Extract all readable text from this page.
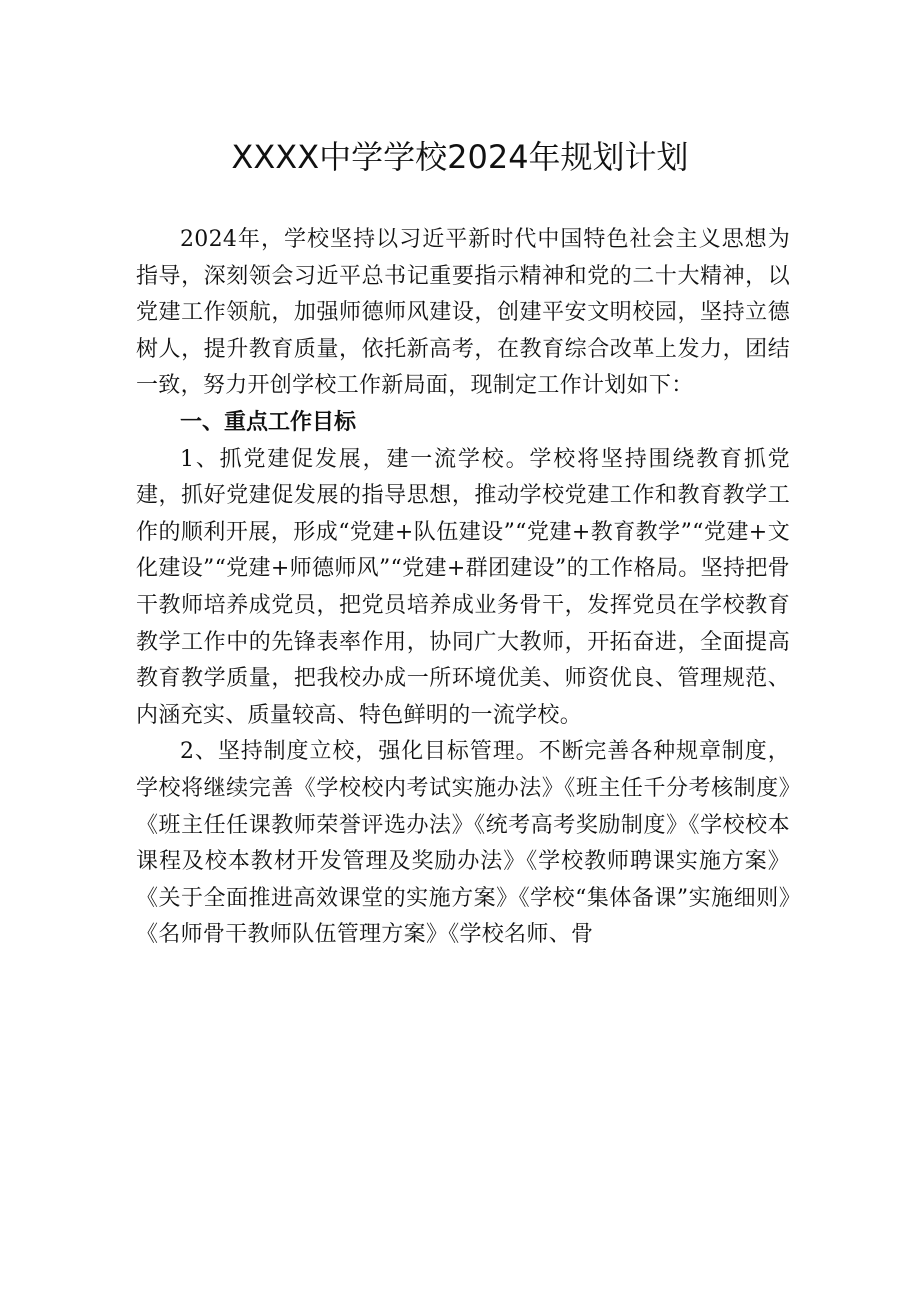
XXXX中学学校2024年规划计划

2024年，学校坚持以习近平新时代中国特色社会主义思想为指导，深刻领会习近平总书记重要指示精神和党的二十大精神，以党建工作领航，加强师德师风建设，创建平安文明校园，坚持立德树人，提升教育质量，依托新高考，在教育综合改革上发力，团结一致，努力开创学校工作新局面，现制定工作计划如下：

一、重点工作目标

1、抓党建促发展，建一流学校。学校将坚持围绕教育抓党建，抓好党建促发展的指导思想，推动学校党建工作和教育教学工作的顺利开展，形成“党建+队伍建设”“党建+教育教学”“党建+文化建设”“党建+师德师风”“党建+群团建设”的工作格局。坚持把骨干教师培养成党员，把党员培养成业务骨干，发挥党员在学校教育教学工作中的先锋表率作用，协同广大教师，开拓奋进，全面提高教育教学质量，把我校办成一所环境优美、师资优良、管理规范、内涵充实、质量较高、特色鲜明的一流学校。

2、坚持制度立校，强化目标管理。不断完善各种规章制度，学校将继续完善《学校校内考试实施办法》《班主任千分考核制度》《班主任任课教师荣誉评选办法》《统考高考奖励制度》《学校校本课程及校本教材开发管理及奖励办法》《学校教师聘课实施方案》《关于全面推进高效课堂的实施方案》《学校“集体备课”实施细则》《名师骨干教师队伍管理方案》《学校名师、骨
